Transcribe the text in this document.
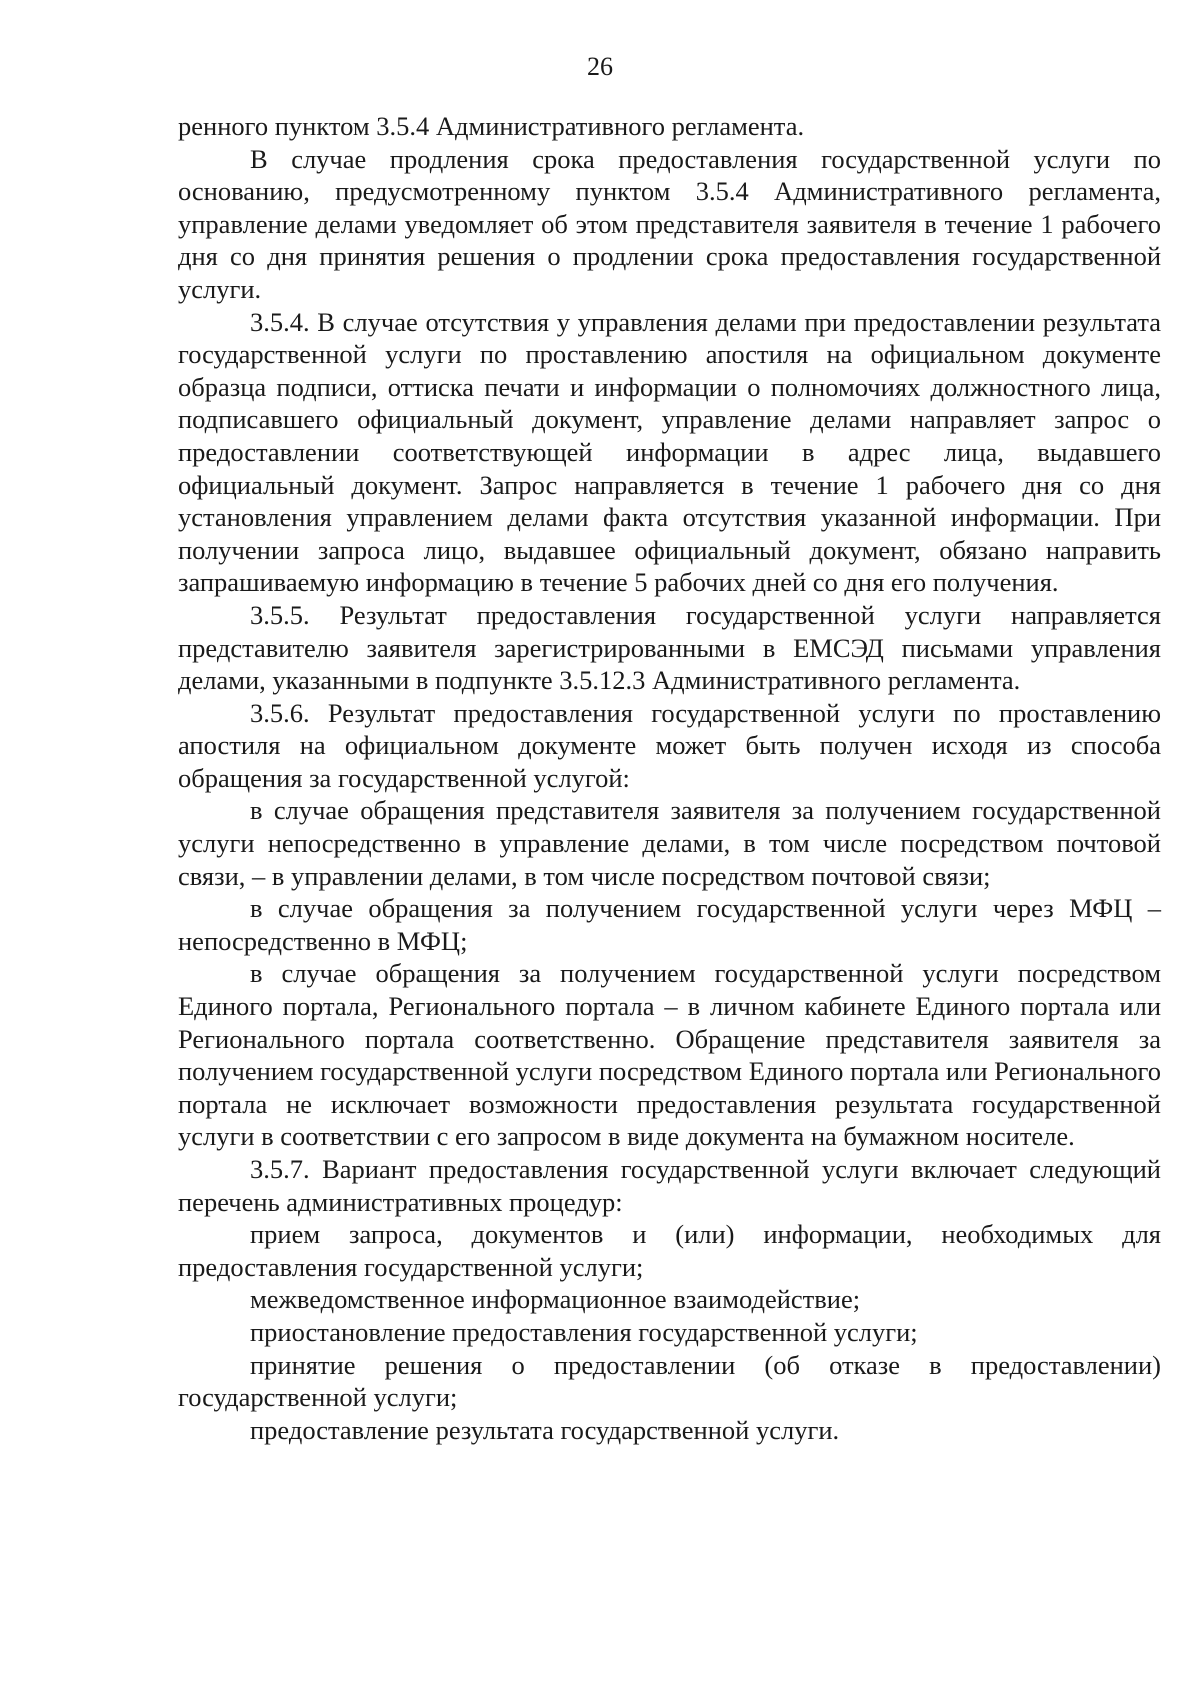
26

ренного пунктом 3.5.4 Административного регламента.

В случае продления срока предоставления государственной услуги по основанию, предусмотренному пунктом 3.5.4 Административного регламента, управление делами уведомляет об этом представителя заявителя в течение 1 рабочего дня со дня принятия решения о продлении срока предоставления государственной услуги.

3.5.4. В случае отсутствия у управления делами при предоставлении результата государственной услуги по проставлению апостиля на официальном документе образца подписи, оттиска печати и информации о полномочиях должностного лица, подписавшего официальный документ, управление делами направляет запрос о предоставлении соответствующей информации в адрес лица, выдавшего официальный документ. Запрос направляется в течение 1 рабочего дня со дня установления управлением делами факта отсутствия указанной информации. При получении запроса лицо, выдавшее официальный документ, обязано направить запрашиваемую информацию в течение 5 рабочих дней со дня его получения.

3.5.5. Результат предоставления государственной услуги направляется представителю заявителя зарегистрированными в ЕМСЭД письмами управления делами, указанными в подпункте 3.5.12.3 Административного регламента.

3.5.6. Результат предоставления государственной услуги по проставлению апостиля на официальном документе может быть получен исходя из способа обращения за государственной услугой:

в случае обращения представителя заявителя за получением государственной услуги непосредственно в управление делами, в том числе посредством почтовой связи, – в управлении делами, в том числе посредством почтовой связи;

в случае обращения за получением государственной услуги через МФЦ – непосредственно в МФЦ;

в случае обращения за получением государственной услуги посредством Единого портала, Регионального портала – в личном кабинете Единого портала или Регионального портала соответственно. Обращение представителя заявителя за получением государственной услуги посредством Единого портала или Регионального портала не исключает возможности предоставления результата государственной услуги в соответствии с его запросом в виде документа на бумажном носителе.

3.5.7. Вариант предоставления государственной услуги включает следующий перечень административных процедур:

прием запроса, документов и (или) информации, необходимых для предоставления государственной услуги;

межведомственное информационное взаимодействие;

приостановление предоставления государственной услуги;

принятие решения о предоставлении (об отказе в предоставлении) государственной услуги;

предоставление результата государственной услуги.
